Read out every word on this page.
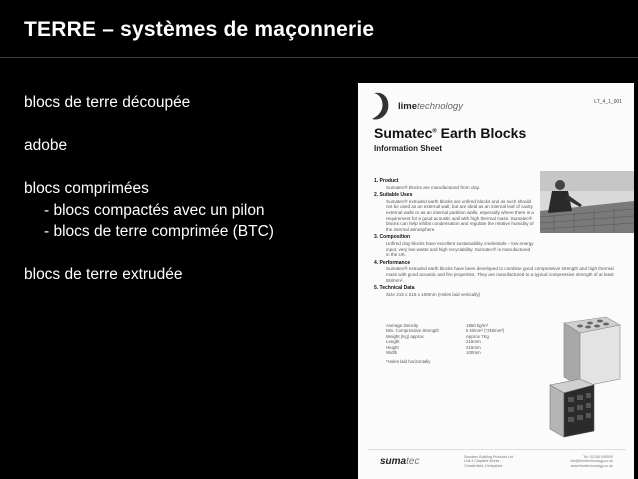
TERRE – systèmes de maçonnerie
blocs de terre découpée
adobe
blocs comprimées
- blocs compactés avec un pilon
- blocs de terre comprimée (BTC)
blocs de terre extrudée
limetechnology	LT_4_1_001
Sumatec® Earth Blocks
Information Sheet
1. Product
Sumatec® blocks are manufactured from clay.
2. Suitable Uses
Sumatec® extruded earth blocks are unfired blocks and as such should not be used as an external wall, but are ideal as an internal leaf of cavity external walls or as an internal partition walls, especially where there is a requirement for a good acoustic wall with high thermal mass. Sumatec® blocks can help inhibit condensation and regulate the relative humidity of the internal atmosphere.
3. Composition
Unfired clay blocks have excellent sustainability credentials – low energy input, very low waste and high recyclability. Sumatec® is manufactured in the UK.
4. Performance
Sumatec® extruded earth blocks have been developed to combine good compressive strength and high thermal mass with good acoustic and fire properties. They are manufactured to a typical compressive strength of at least 5N/mm².
5. Technical Data
Size 215 x 215 x 100mm (Holes laid vertically)
Average Density
Min. Compressive Strength
Weight (Kg) approx
Length
Height
Width
1850 kg/m³
5 N/mm² (*2N/mm²)
Approx 7Kg
215mm
215mm
100mm
*Holes laid horizontally
sumatec	Sumatec Building Products Ltd
Unit 4 Clayfield Works
Chesterfield, Derbyshire
Tel: 01246 000000
info@limetechnology.co.uk
www.limetechnology.co.uk
